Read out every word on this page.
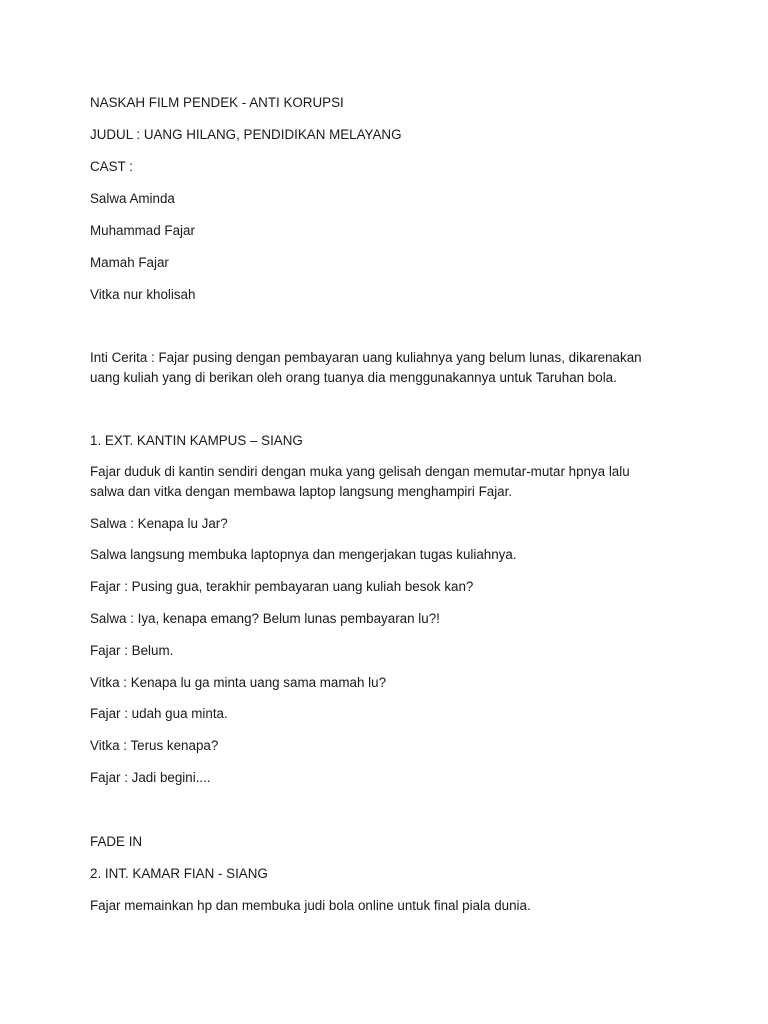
NASKAH FILM PENDEK - ANTI KORUPSI
JUDUL : UANG HILANG, PENDIDIKAN MELAYANG
CAST :
Salwa Aminda
Muhammad Fajar
Mamah Fajar
Vitka nur kholisah
Inti Cerita : Fajar pusing dengan pembayaran uang kuliahnya yang belum lunas, dikarenakan
uang kuliah yang di berikan oleh orang tuanya dia menggunakannya untuk Taruhan bola.
1. EXT. KANTIN KAMPUS – SIANG
Fajar duduk di kantin sendiri dengan muka yang gelisah dengan memutar-mutar hpnya lalu
salwa dan vitka dengan membawa laptop langsung menghampiri Fajar.
Salwa : Kenapa lu Jar?
Salwa langsung membuka laptopnya dan mengerjakan tugas kuliahnya.
Fajar : Pusing gua, terakhir pembayaran uang kuliah besok kan?
Salwa : Iya, kenapa emang? Belum lunas pembayaran lu?!
Fajar : Belum.
Vitka : Kenapa lu ga minta uang sama mamah lu?
Fajar : udah gua minta.
Vitka : Terus kenapa?
Fajar : Jadi begini....
FADE IN
2. INT. KAMAR FIAN - SIANG
Fajar memainkan hp dan membuka judi bola online untuk final piala dunia.
